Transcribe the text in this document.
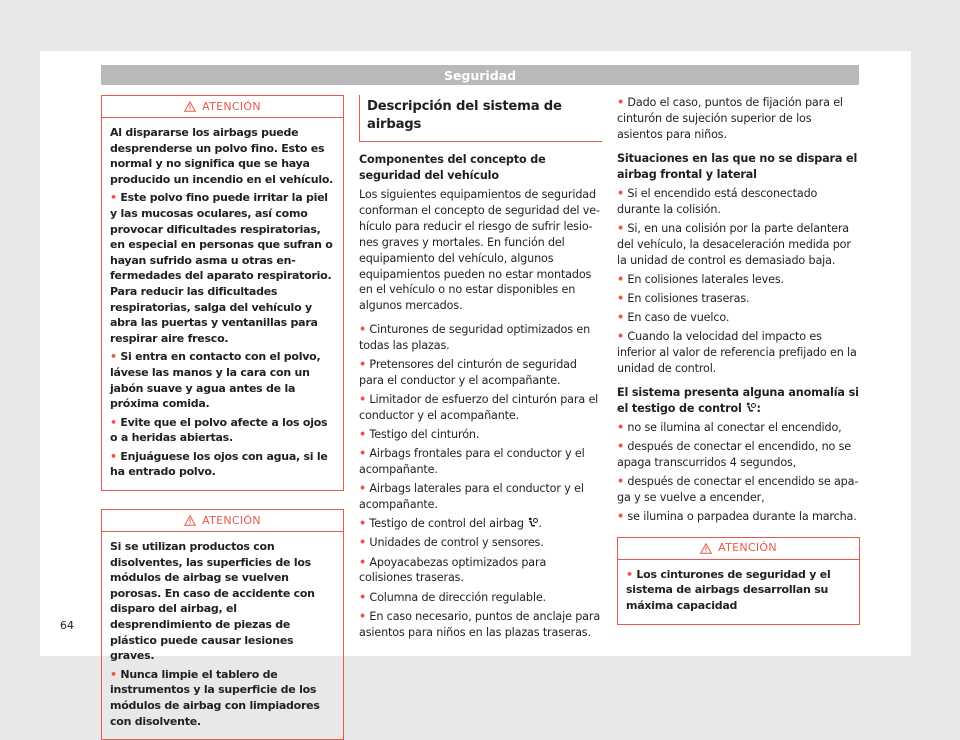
Seguridad
ATENCIÓN

Al dispararse los airbags puede desprenderse un polvo fino. Esto es normal y no significa que se haya producido un incendio en el vehículo.

• Este polvo fino puede irritar la piel y las mucosas oculares, así como provocar dificultades respiratorias, en especial en personas que sufran o hayan sufrido asma u otras enfermedades del aparato respiratorio. Para reducir las dificultades respiratorias, salga del vehículo y abra las puertas y ventanillas para respirar aire fresco.

• Si entra en contacto con el polvo, lávese las manos y la cara con un jabón suave y agua antes de la próxima comida.

• Evite que el polvo afecte a los ojos o a heridas abiertas.

• Enjuáguese los ojos con agua, si le ha entrado polvo.

ATENCIÓN

Si se utilizan productos con disolventes, las superficies de los módulos de airbag se vuelven porosas. En caso de accidente con disparo del airbag, el desprendimiento de piezas de plástico puede causar lesiones graves.

• Nunca limpie el tablero de instrumentos y la superficie de los módulos de airbag con limpiadores con disolvente.

Descripción del sistema de airbags

Componentes del concepto de seguridad del vehículo

Los siguientes equipamientos de seguridad conforman el concepto de seguridad del vehículo para reducir el riesgo de sufrir lesiones graves y mortales. En función del equipamiento del vehículo, algunos equipamientos pueden no estar montados en el vehículo o no estar disponibles en algunos mercados.

• Cinturones de seguridad optimizados en todas las plazas.

• Pretensores del cinturón de seguridad para el conductor y el acompañante.

• Limitador de esfuerzo del cinturón para el conductor y el acompañante.

• Testigo del cinturón.

• Airbags frontales para el conductor y el acompañante.

• Airbags laterales para el conductor y el acompañante.

• Testigo de control del airbag .

• Unidades de control y sensores.

• Apoyacabezas optimizados para colisiones traseras.

• Columna de dirección regulable.

• En caso necesario, puntos de anclaje para asientos para niños en las plazas traseras.

• Dado el caso, puntos de fijación para el cinturón de sujeción superior de los asientos para niños.

Situaciones en las que no se dispara el airbag frontal y lateral

• Si el encendido está desconectado durante la colisión.

• Si, en una colisión por la parte delantera del vehículo, la desaceleración medida por la unidad de control es demasiado baja.

• En colisiones laterales leves.

• En colisiones traseras.

• En caso de vuelco.

• Cuando la velocidad del impacto es inferior al valor de referencia prefijado en la unidad de control.

El sistema presenta alguna anomalía si el testigo de control :

• no se ilumina al conectar el encendido,

• después de conectar el encendido, no se apaga transcurridos 4 segundos,

• después de conectar el encendido se apaga y se vuelve a encender,

• se ilumina o parpadea durante la marcha.

ATENCIÓN

• Los cinturones de seguridad y el sistema de airbags desarrollan su máxima capacidad

64
